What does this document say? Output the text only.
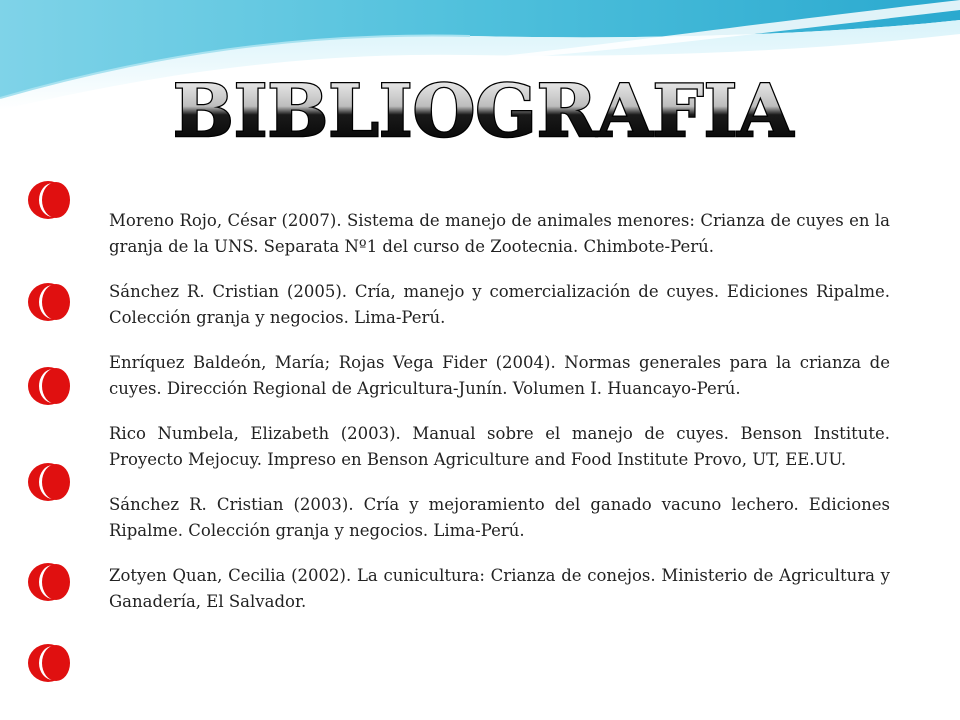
BIBLIOGRAFIA

Moreno Rojo, César (2007). Sistema de manejo de animales menores: Crianza de cuyes en la granja de la UNS. Separata Nº1 del curso de Zootecnia. Chimbote-Perú.

Sánchez R. Cristian (2005). Cría, manejo y comercialización de cuyes. Ediciones Ripalme. Colección granja y negocios. Lima-Perú.

Enríquez Baldeón, María; Rojas Vega Fider (2004). Normas generales para la crianza de cuyes. Dirección Regional de Agricultura-Junín. Volumen I. Huancayo-Perú.

Rico Numbela, Elizabeth (2003). Manual sobre el manejo de cuyes. Benson Institute. Proyecto Mejocuy. Impreso en Benson Agriculture and Food Institute Provo, UT, EE.UU.

Sánchez R. Cristian (2003). Cría y mejoramiento del ganado vacuno lechero. Ediciones Ripalme. Colección granja y negocios. Lima-Perú.

Zotyen Quan, Cecilia (2002). La cunicultura: Crianza de conejos. Ministerio de Agricultura y Ganadería, El Salvador.
